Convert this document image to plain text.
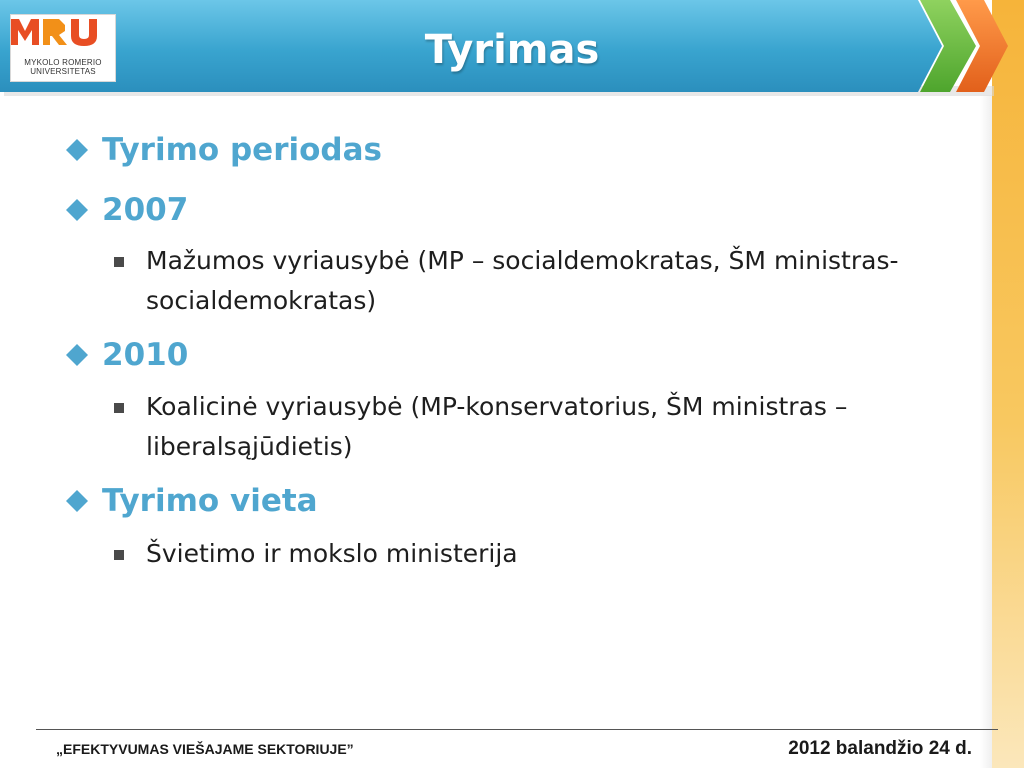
MYKOLO ROMERIO
UNIVERSITETAS	Tyrimas
Tyrimo periodas
2007
Mažumos vyriausybė (MP – socialdemokratas, ŠM ministras- socialdemokratas)
2010
Koalicinė vyriausybė (MP-konservatorius, ŠM ministras – liberalsąjūdietis)
Tyrimo vieta
Švietimo ir mokslo ministerija
„EFEKTYVUMAS VIEŠAJAME SEKTORIUJE”	2012 balandžio 24 d.
